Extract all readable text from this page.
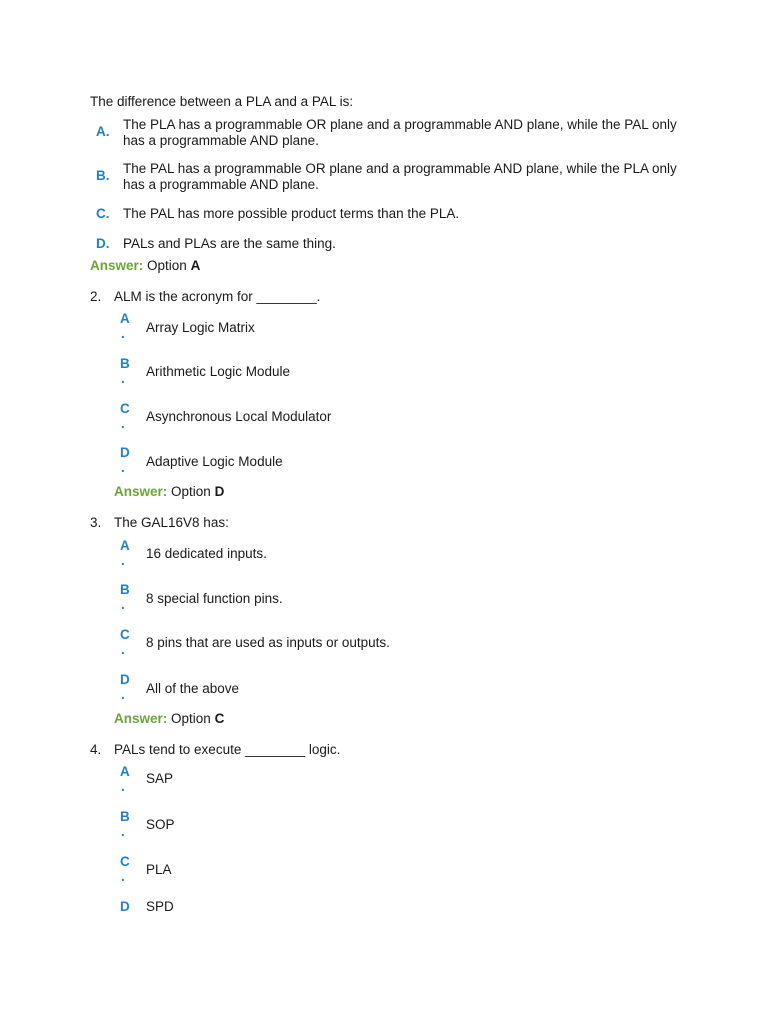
The difference between a PLA and a PAL is:
A. The PLA has a programmable OR plane and a programmable AND plane, while the PAL only has a programmable AND plane.
B. The PAL has a programmable OR plane and a programmable AND plane, while the PLA only has a programmable AND plane.
C. The PAL has more possible product terms than the PLA.
D. PALs and PLAs are the same thing.
Answer: Option A
2. ALM is the acronym for ________.
A
. Array Logic Matrix
B
. Arithmetic Logic Module
C
. Asynchronous Local Modulator
D
. Adaptive Logic Module
Answer: Option D
3. The GAL16V8 has:
A
. 16 dedicated inputs.
B
. 8 special function pins.
C
. 8 pins that are used as inputs or outputs.
D
. All of the above
Answer: Option C
4. PALs tend to execute ________ logic.
A
.
SAP
B
. SOP
C
. PLA
D SPD
